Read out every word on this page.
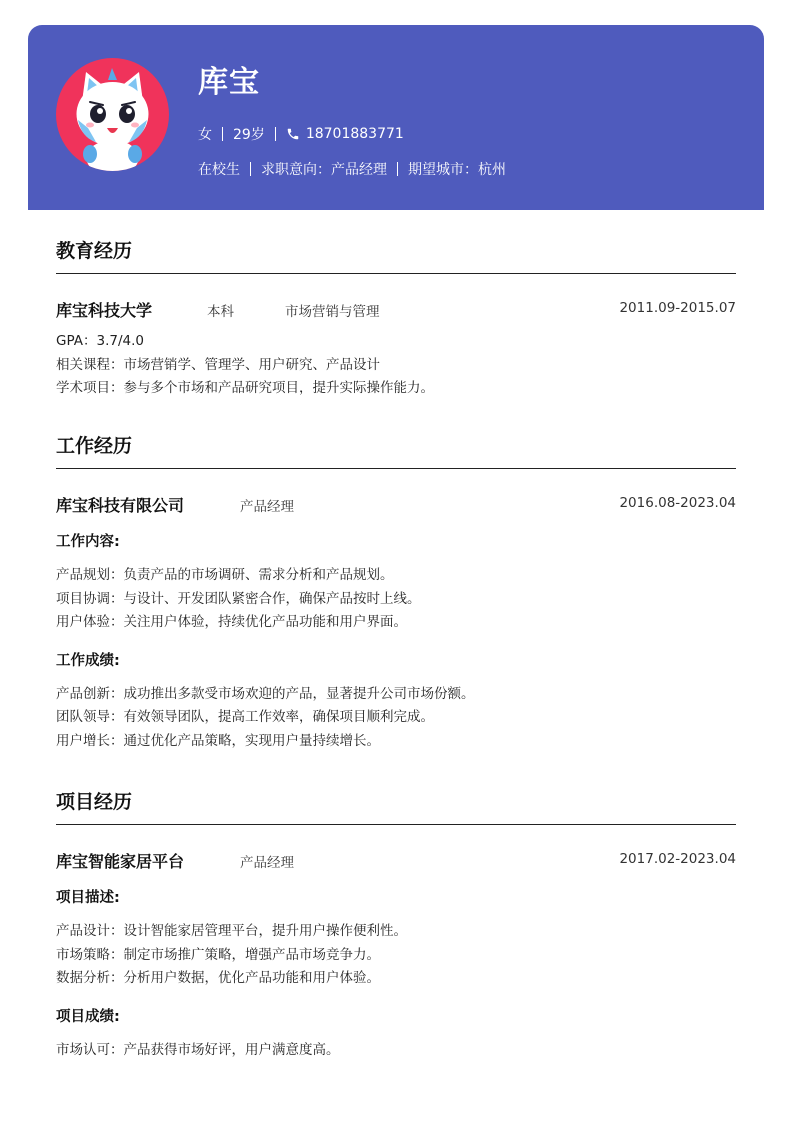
库宝
女 29岁	18701883771
在校生 求职意向：产品经理 期望城市：杭州
教育经历
库宝科技大学	本科	市场营销与管理	2011.09-2015.07
GPA：3.7/4.0
相关课程：市场营销学、管理学、用户研究、产品设计
学术项目：参与多个市场和产品研究项目，提升实际操作能力。
工作经历
库宝科技有限公司	产品经理	2016.08-2023.04
工作内容:
产品规划：负责产品的市场调研、需求分析和产品规划。
项目协调：与设计、开发团队紧密合作，确保产品按时上线。
用户体验：关注用户体验，持续优化产品功能和用户界面。
工作成绩:
产品创新：成功推出多款受市场欢迎的产品，显著提升公司市场份额。
团队领导：有效领导团队，提高工作效率，确保项目顺利完成。
用户增长：通过优化产品策略，实现用户量持续增长。
项目经历
库宝智能家居平台	产品经理	2017.02-2023.04
项目描述:
产品设计：设计智能家居管理平台，提升用户操作便利性。
市场策略：制定市场推广策略，增强产品市场竞争力。
数据分析：分析用户数据，优化产品功能和用户体验。
项目成绩:
市场认可：产品获得市场好评，用户满意度高。
